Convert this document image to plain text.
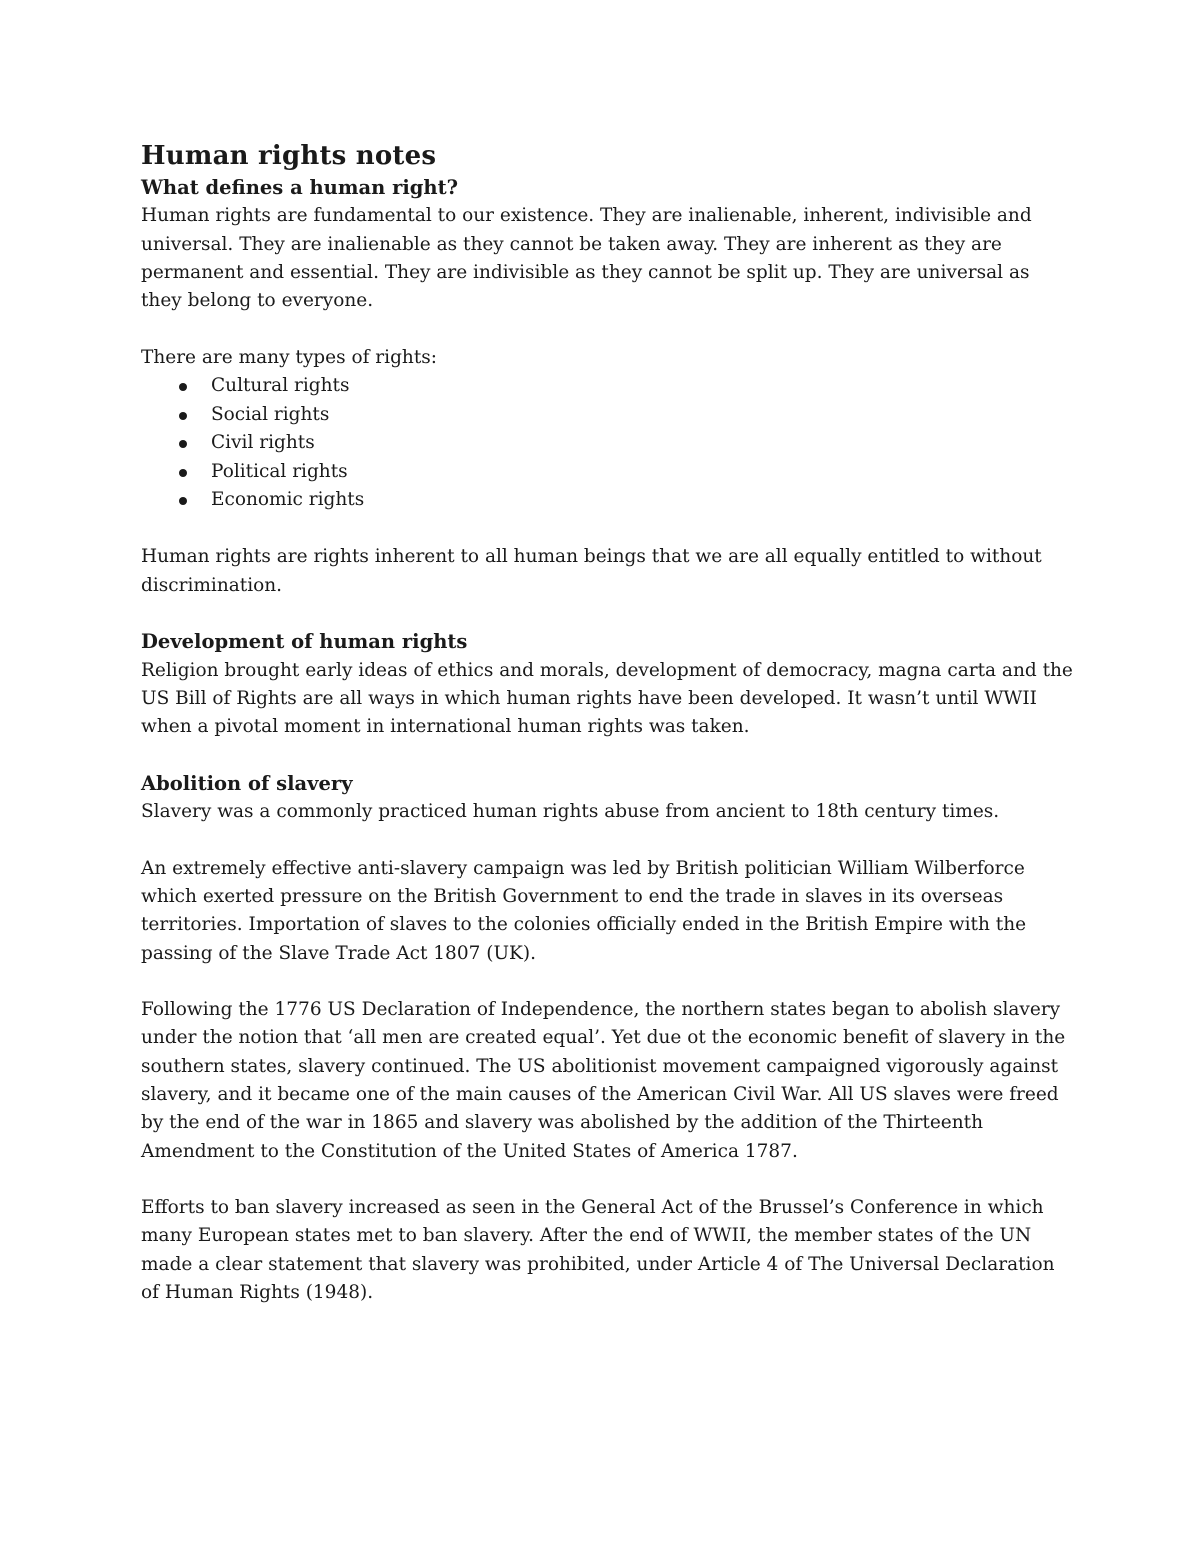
Human rights notes
What defines a human right?

Human rights are fundamental to our existence. They are inalienable, inherent, indivisible and universal. They are inalienable as they cannot be taken away. They are inherent as they are permanent and essential. They are indivisible as they cannot be split up. They are universal as they belong to everyone.

There are many types of rights:

Cultural rights
Social rights
Civil rights
Political rights
Economic rights

Human rights are rights inherent to all human beings that we are all equally entitled to without discrimination.

Development of human rights

Religion brought early ideas of ethics and morals, development of democracy, magna carta and the US Bill of Rights are all ways in which human rights have been developed. It wasn’t until WWII when a pivotal moment in international human rights was taken.

Abolition of slavery

Slavery was a commonly practiced human rights abuse from ancient to 18th century times.

An extremely effective anti-slavery campaign was led by British politician William Wilberforce which exerted pressure on the British Government to end the trade in slaves in its overseas territories. Importation of slaves to the colonies officially ended in the British Empire with the passing of the Slave Trade Act 1807 (UK).

Following the 1776 US Declaration of Independence, the northern states began to abolish slavery under the notion that ‘all men are created equal’. Yet due ot the economic benefit of slavery in the southern states, slavery continued. The US abolitionist movement campaigned vigorously against slavery, and it became one of the main causes of the American Civil War. All US slaves were freed by the end of the war in 1865 and slavery was abolished by the addition of the Thirteenth Amendment to the Constitution of the United States of America 1787.

Efforts to ban slavery increased as seen in the General Act of the Brussel’s Conference in which many European states met to ban slavery. After the end of WWII, the member states of the UN made a clear statement that slavery was prohibited, under Article 4 of The Universal Declaration of Human Rights (1948).
